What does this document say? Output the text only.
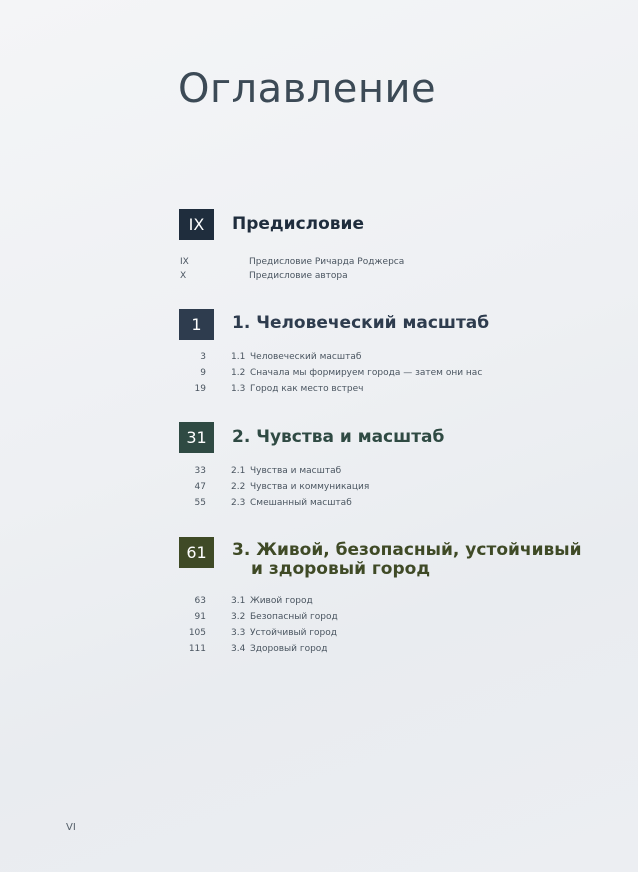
Оглавление
IX	Предисловие
IX	Предисловие Ричарда Роджерса
X	Предисловие автора
1	1. Человеческий масштаб
3	1.1 Человеческий масштаб
9	1.2 Сначала мы формируем города — затем они нас
19	1.3 Город как место встреч
31	2. Чувства и масштаб
33	2.1 Чувства и масштаб
47	2.2 Чувства и коммуникация
55	2.3 Смешанный масштаб
61	3. Живой, безопасный, устойчивый
и здоровый город
63	3.1 Живой город
91	3.2 Безопасный город
105	3.3 Устойчивый город
111	3.4 Здоровый город
VI
